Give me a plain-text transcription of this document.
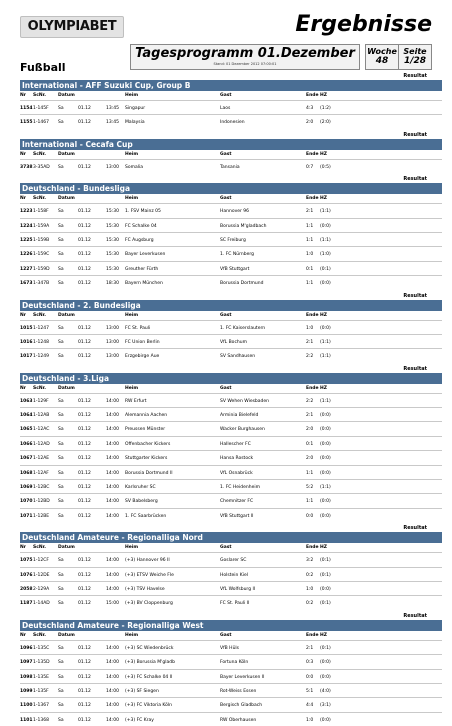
OLYMPIABET	Ergebnisse
Tagesprogramm 01.Dezember
Stand: 01 Dezember 2012 07:00:01
Woche
48
Seite
1/28
Fußball
Resultat
International - AFF Suzuki Cup, Group B
Nr ScNr.	Datum	Heim	Gast	Ende HZ
1154 1-145F Sa	01.12	13:45 Singapur	Laos	4:3 (1:2)
1155 1-1467 Sa	01.12	13:45 Malaysia	Indonesien	2:0 (2:0)
Resultat
International - Cecafa Cup
Nr ScNr.	Datum	Heim	Gast	Ende HZ
3738 3-35AD Sa	01.12	13:00 Somalia	Tansania	0:7 (0:5)
Resultat
Deutschland - Bundesliga
Nr ScNr.	Datum	Heim	Gast	Ende HZ
1223 1-158F Sa	01.12	15:30 1. FSV Mainz 05	Hannover 96	2:1 (1:1)
1224 1-159A Sa	01.12	15:30 FC Schalke 04	Borussia M'gladbach	1:1 (0:0)
1225 1-159B Sa	01.12	15:30 FC Augsburg	SC Freiburg	1:1 (1:1)
1226 1-159C Sa	01.12	15:30 Bayer Leverkusen	1. FC Nürnberg	1:0 (1:0)
1227 1-159D Sa	01.12	15:30 Greuther Fürth	VfB Stuttgart	0:1 (0:1)
1673 1-347B Sa	01.12	18:30 Bayern München	Borussia Dortmund	1:1 (0:0)
Resultat
Deutschland - 2. Bundesliga
Nr ScNr.	Datum	Heim	Gast	Ende HZ
1015 1-1247 Sa	01.12	13:00 FC St. Pauli	1. FC Kaiserslautern	1:0 (0:0)
1016 1-1248 Sa	01.12	13:00 FC Union Berlin	VfL Bochum	2:1 (1:1)
1017 1-1249 Sa	01.12	13:00 Erzgebirge Aue	SV Sandhausen	2:2 (1:1)
Resultat
Deutschland - 3.Liga
Nr ScNr.	Datum	Heim	Gast	Ende HZ
1063 1-129F Sa	01.12	14:00 RW Erfurt	SV Wehen Wiesbaden	2:2 (1:1)
1064 1-12AB Sa	01.12	14:00 Alemannia Aachen	Arminia Bielefeld	2:1 (0:0)
1065 1-12AC Sa	01.12	14:00 Preussen Münster	Wacker Burghausen	2:0 (0:0)
1066 1-12AD Sa	01.12	14:00 Offenbacher Kickers	Hallescher FC	0:1 (0:0)
1067 1-12AE Sa	01.12	14:00 Stuttgarter Kickers	Hansa Rostock	2:0 (0:0)
1068 1-12AF Sa	01.12	14:00 Borussia Dortmund II	VfL Osnabrück	1:1 (0:0)
1069 1-12BC Sa	01.12	14:00 Karlsruher SC	1. FC Heidenheim	5:2 (1:1)
1070 1-12BD Sa	01.12	14:00 SV Babelsberg	Chemnitzer FC	1:1 (0:0)
1071 1-12BE Sa	01.12	14:00 1. FC Saarbrücken	VfB Stuttgart II	0:0 (0:0)
Resultat
Deutschland Amateure - Regionalliga Nord
Nr ScNr.	Datum	Heim	Gast	Ende HZ
1075 1-12CF Sa	01.12	14:00 (+3) Hannover 96 II	Goslarer SC	3:2 (0:1)
1076 1-12DE Sa	01.12	14:00 (+3) ETSV Weiche Fle	Holstein Kiel	0:2 (0:1)
2058 2-129A Sa	01.12	14:00 (+3) TSV Havelse	VfL Wolfsburg II	1:0 (0:0)
1187 1-14AD Sa	01.12	15:00 (+3) BV Cloppenburg	FC St. Pauli II	0:2 (0:1)
Resultat
Deutschland Amateure - Regionalliga West
Nr ScNr.	Datum	Heim	Gast	Ende HZ
1096 1-135C Sa	01.12	14:00 (+3) SC Wiedenbrück	VfB Hüls	2:1 (0:1)
1097 1-135D Sa	01.12	14:00 (+3) Borussia M'gladb	Fortuna Köln	0:3 (0:0)
1098 1-135E Sa	01.12	14:00 (+3) FC Schalke 04 II	Bayer Leverkusen II	0:0 (0:0)
1099 1-135F Sa	01.12	14:00 (+3) SF Siegen	Rot-Weiss Essen	5:1 (4:0)
1100 1-1367 Sa	01.12	14:00 (+3) FC Viktoria Köln	Bergisch Gladbach	4:4 (3:1)
1101 1-1368 Sa	01.12	14:00 (+3) FC Kray	RW Oberhausen	1:0 (0:0)
